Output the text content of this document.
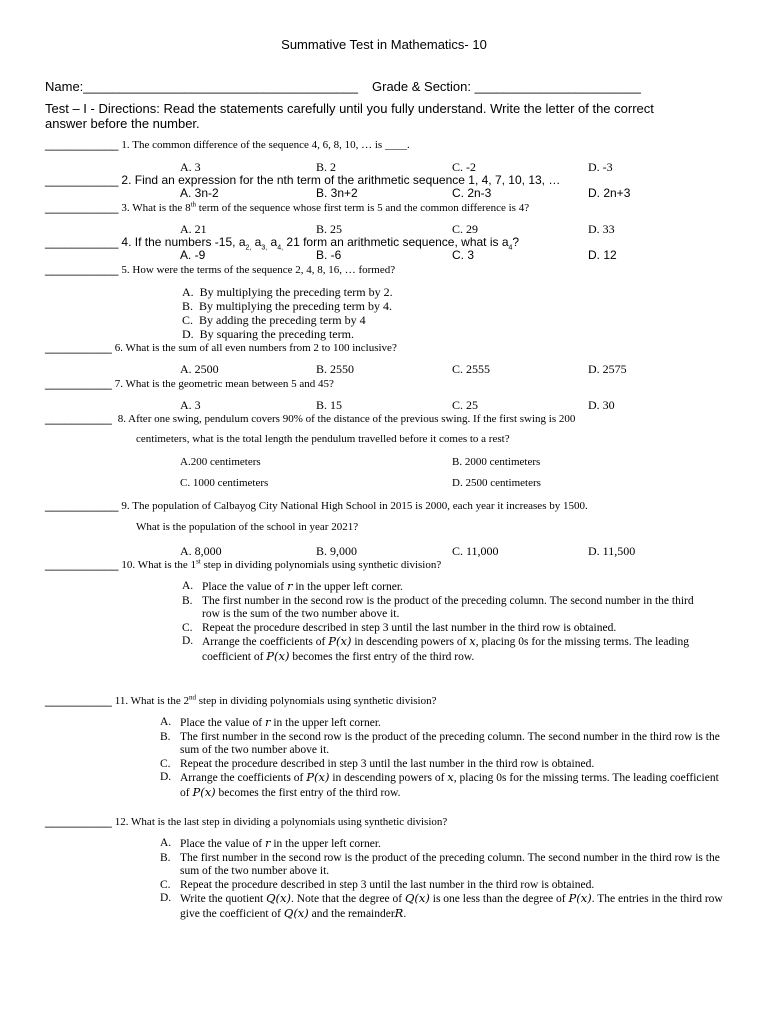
Summative Test in Mathematics- 10
Name:______________________________________ Grade & Section: _______________________
Test – I - Directions: Read the statements carefully until you fully understand. Write the letter of the correct
answer before the number.
___________ 1. The common difference of the sequence 4, 6, 8, 10, … is ____.
A. 3	B. 2	C. -2	D. -3
___________ 2. Find an expression for the nth term of the arithmetic sequence 1, 4, 7, 10, 13, …
A. 3n-2	B. 3n+2	C. 2n-3	D. 2n+3
___________ 3. What is the 8th term of the sequence whose first term is 5 and the common difference is 4?
A. 21	B. 25	C. 29	D. 33
___________ 4. If the numbers -15, $a_{2,}$ $a_{3,}$ $a_{4,}$ 21 form an arithmetic sequence, what is $a_4$?
A. -9	B. -6	C. 3	D. 12
___________ 5. How were the terms of the sequence 2, 4, 8, 16, … formed?
A. By multiplying the preceding term by 2.
B. By multiplying the preceding term by 4.
C. By adding the preceding term by 4
D. By squaring the preceding term.
__________ 6. What is the sum of all even numbers from 2 to 100 inclusive?
A. 2500	B. 2550	C. 2555	D. 2575
__________ 7. What is the geometric mean between 5 and 45?
A. 3	B. 15	C. 25	D. 30
__________ 8. After one swing, pendulum covers 90% of the distance of the previous swing. If the first swing is 200
centimeters, what is the total length the pendulum travelled before it comes to a rest?
A.200 centimeters	B. 2000 centimeters
C. 1000 centimeters	D. 2500 centimeters
___________ 9. The population of Calbayog City National High School in 2015 is 2000, each year it increases by 1500.
What is the population of the school in year 2021?
A. 8,000	B. 9,000	C. 11,000	D. 11,500
___________ 10. What is the 1st step in dividing polynomials using synthetic division?
A. Place the value of r in the upper left corner.
B. The first number in the second row is the product of the preceding column. The second number in the third row is the sum of the two number above it.
C. Repeat the procedure described in step 3 until the last number in the third row is obtained.
D. Arrange the coefficients of P(x) in descending powers of x, placing 0s for the missing terms. The leading coefficient of P(x) becomes the first entry of the third row.
__________ 11. What is the 2nd step in dividing polynomials using synthetic division?
A. Place the value of r in the upper left corner.
B. The first number in the second row is the product of the preceding column. The second number in the third row is the sum of the two number above it.
C. Repeat the procedure described in step 3 until the last number in the third row is obtained.
D. Arrange the coefficients of P(x) in descending powers of x, placing 0s for the missing terms. The leading coefficient of P(x) becomes the first entry of the third row.
__________ 12. What is the last step in dividing a polynomials using synthetic division?
A. Place the value of r in the upper left corner.
B. The first number in the second row is the product of the preceding column. The second number in the third row is the sum of the two number above it.
C. Repeat the procedure described in step 3 until the last number in the third row is obtained.
D. Write the quotient Q(x). Note that the degree of Q(x) is one less than the degree of P(x). The entries in the third row give the coefficient of Q(x) and the remainderR.
